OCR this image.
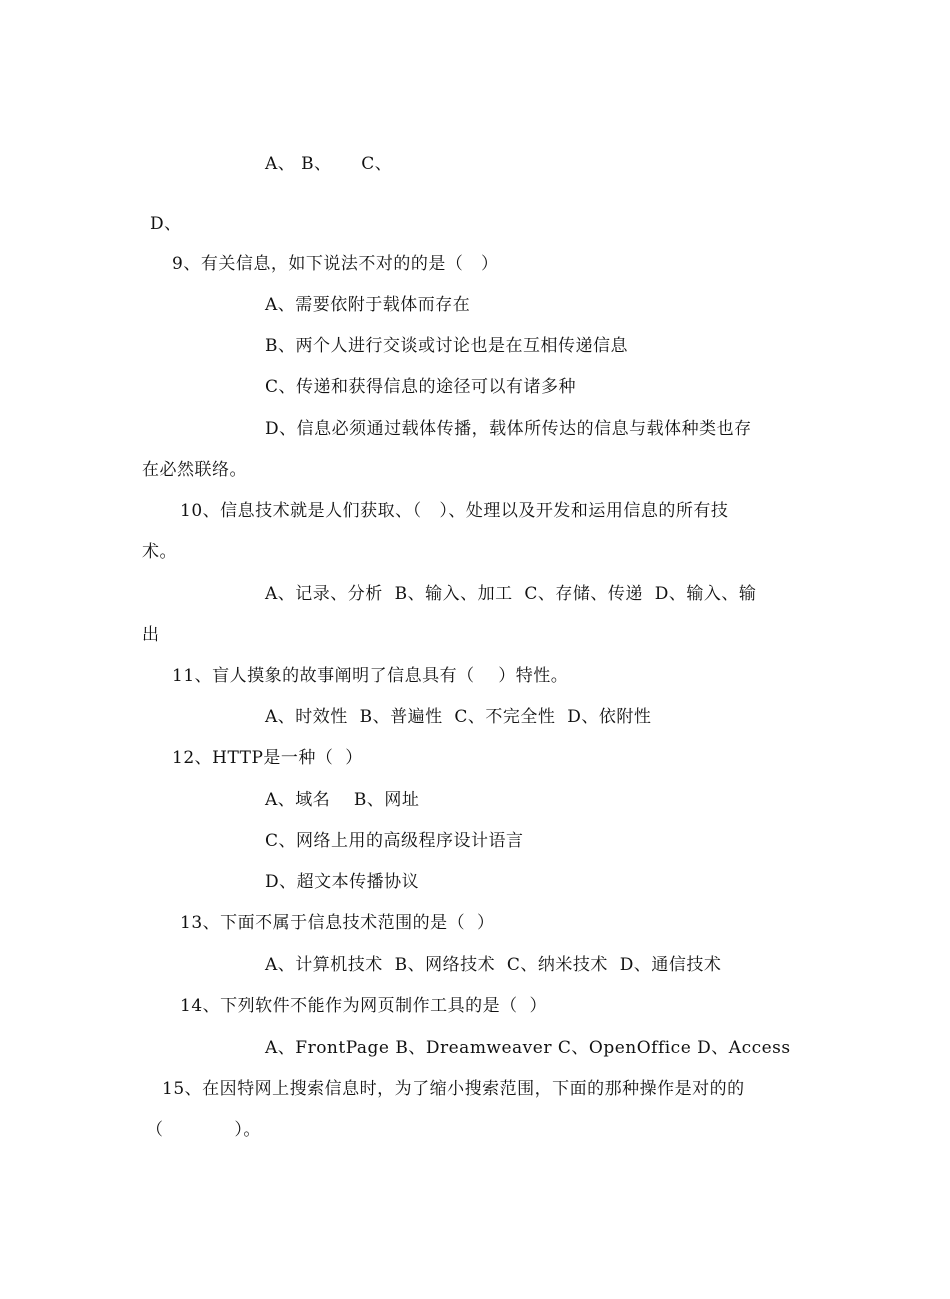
A、 B、     C、
D、
9、有关信息，如下说法不对的的是（   ）
A、需要依附于载体而存在
B、两个人进行交谈或讨论也是在互相传递信息
C、传递和获得信息的途径可以有诸多种
D、信息必须通过载体传播，载体所传达的信息与载体种类也存
在必然联络。
10、信息技术就是人们获取、（   ）、处理以及开发和运用信息的所有技
术。
A、记录、分析  B、输入、加工  C、存储、传递  D、输入、输
出
11、盲人摸象的故事阐明了信息具有（    ）特性。
A、时效性  B、普遍性  C、不完全性  D、依附性
12、HTTP是一种（  ）
A、域名    B、网址
C、网络上用的高级程序设计语言
D、超文本传播协议
13、下面不属于信息技术范围的是（  ）
A、计算机技术  B、网络技术  C、纳米技术  D、通信技术
14、下列软件不能作为网页制作工具的是（  ）
A、FrontPage B、Dreamweaver C、OpenOffice D、Access
15、在因特网上搜索信息时，为了缩小搜索范围，下面的那种操作是对的的
（            ）。
